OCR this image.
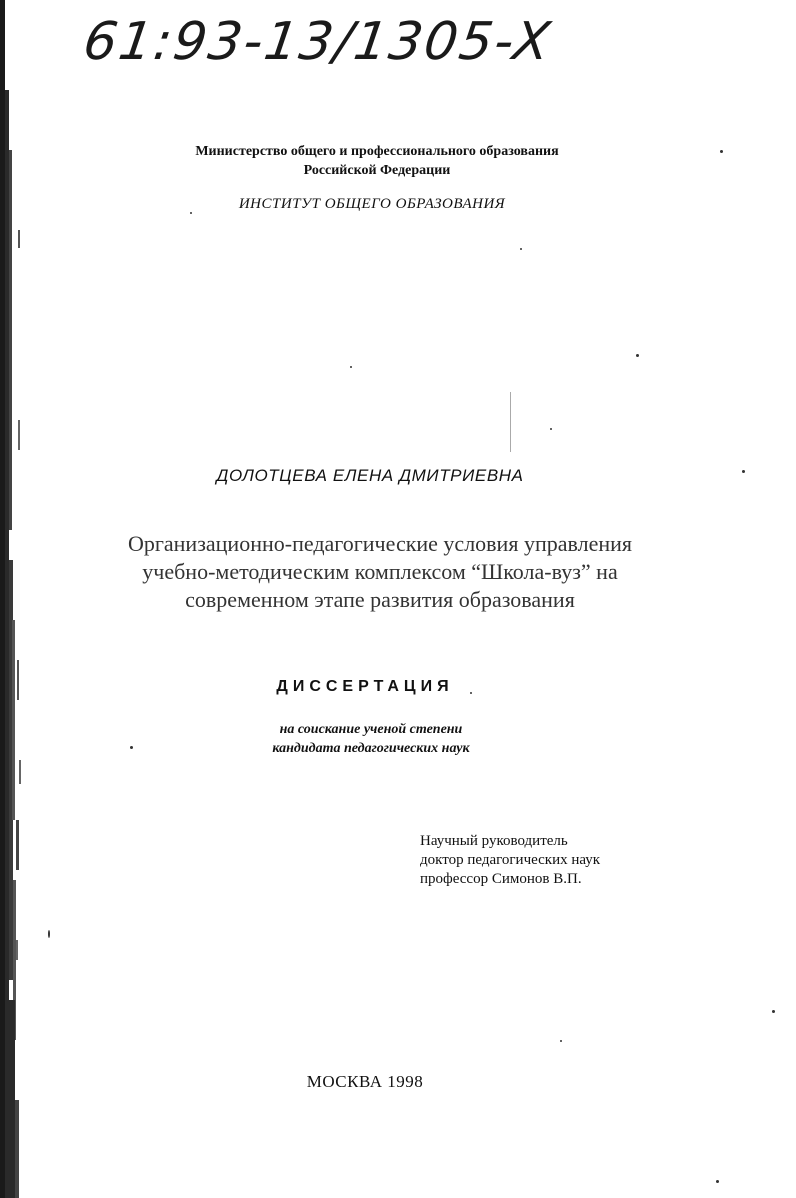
61:93-13/1305-X
Министерство общего и профессионального образования
Российской Федерации
ИНСТИТУТ ОБЩЕГО ОБРАЗОВАНИЯ
ДОЛОТЦЕВА ЕЛЕНА ДМИТРИЕВНА
Организационно-педагогические условия управления
учебно-методическим комплексом “Школа-вуз” на
современном этапе развития образования
ДИССЕРТАЦИЯ
на соискание ученой степени
кандидата педагогических наук
Научный руководитель
доктор педагогических наук
профессор Симонов В.П.
МОСКВА 1998
